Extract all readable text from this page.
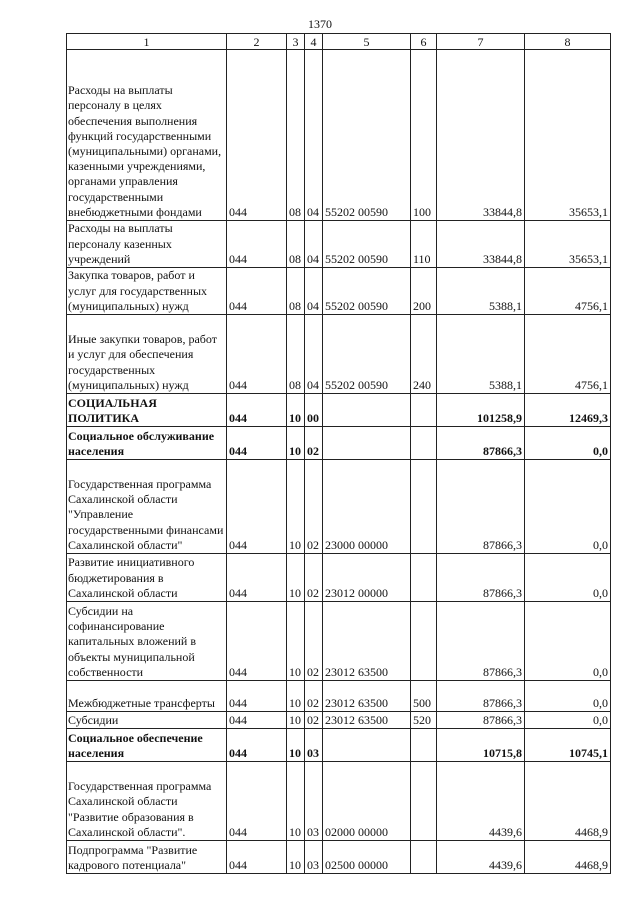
1370
1	2	3	4	5	6	7	8
Расходы на выплаты персоналу в целях обеспечения выполнения функций государственными (муниципальными) органами, казенными учреждениями, органами управления государственными внебюджетными фондами	044	08	04	55202 00590	100	33844,8	35653,1
Расходы на выплаты персоналу казенных учреждений	044	08	04	55202 00590	110	33844,8	35653,1
Закупка товаров, работ и услуг для государственных (муниципальных) нужд	044	08	04	55202 00590	200	5388,1	4756,1
Иные закупки товаров, работ и услуг для обеспечения государственных (муниципальных) нужд	044	08	04	55202 00590	240	5388,1	4756,1
СОЦИАЛЬНАЯ ПОЛИТИКА	044	10	00			101258,9	12469,3
Социальное обслуживание населения	044	10	02			87866,3	0,0
Государственная программа Сахалинской области "Управление государственными финансами Сахалинской области"	044	10	02	23000 00000		87866,3	0,0
Развитие инициативного бюджетирования в Сахалинской области	044	10	02	23012 00000		87866,3	0,0
Субсидии на софинансирование капитальных вложений в объекты муниципальной собственности	044	10	02	23012 63500		87866,3	0,0
Межбюджетные трансферты	044	10	02	23012 63500	500	87866,3	0,0
Субсидии	044	10	02	23012 63500	520	87866,3	0,0
Социальное обеспечение населения	044	10	03			10715,8	10745,1
Государственная программа Сахалинской области "Развитие образования в Сахалинской области".	044	10	03	02000 00000		4439,6	4468,9
Подпрограмма "Развитие кадрового потенциала"	044	10	03	02500 00000		4439,6	4468,9
